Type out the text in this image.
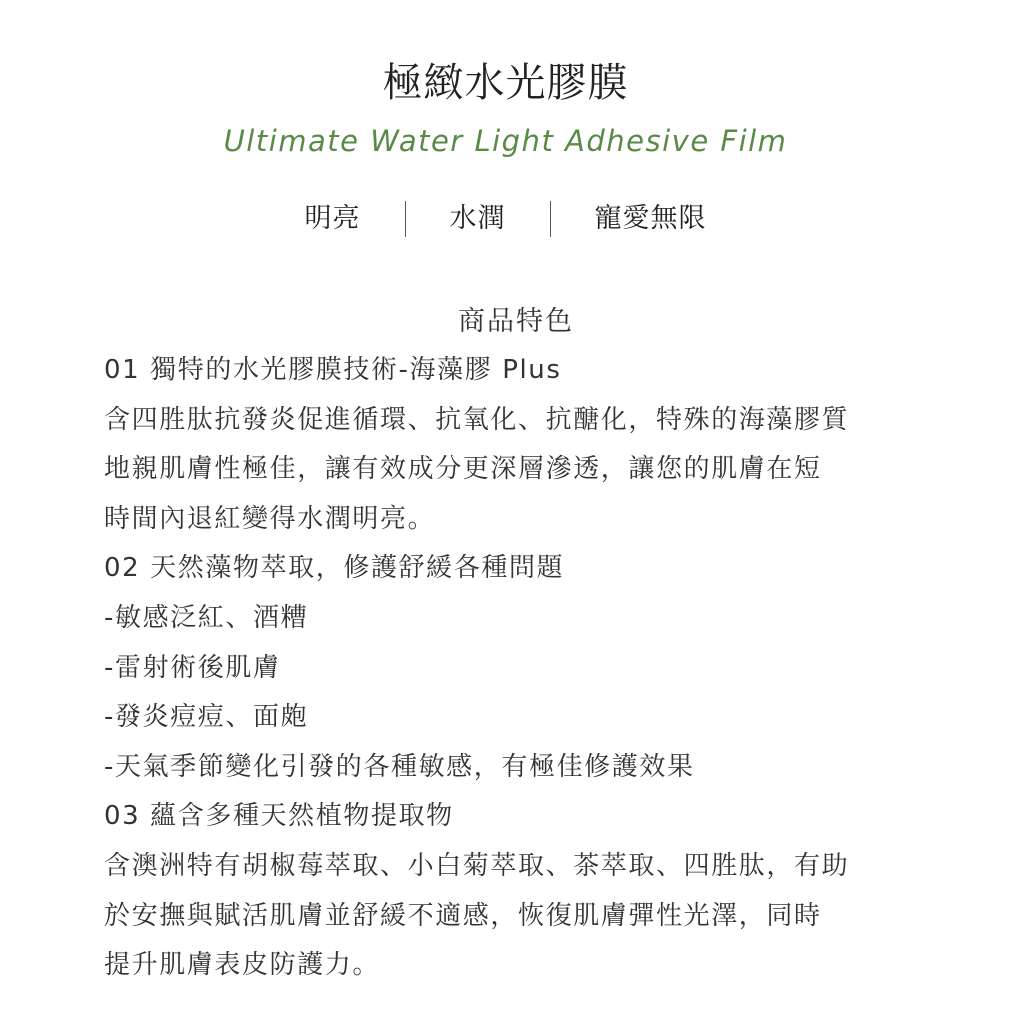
極緻水光膠膜
Ultimate Water Light Adhesive Film
明亮	水潤	寵愛無限
商品特色
01 獨特的水光膠膜技術-海藻膠 Plus
含四胜肽抗發炎促進循環、抗氧化、抗醣化，特殊的海藻膠質
地親肌膚性極佳，讓有效成分更深層滲透，讓您的肌膚在短
時間內退紅變得水潤明亮。
02 天然藻物萃取，修護舒緩各種問題
-敏感泛紅、酒糟
-雷射術後肌膚
-發炎痘痘、面皰
-天氣季節變化引發的各種敏感，有極佳修護效果
03 蘊含多種天然植物提取物
含澳洲特有胡椒莓萃取、小白菊萃取、茶萃取、四胜肽，有助
於安撫與賦活肌膚並舒緩不適感，恢復肌膚彈性光澤，同時
提升肌膚表皮防護力。
